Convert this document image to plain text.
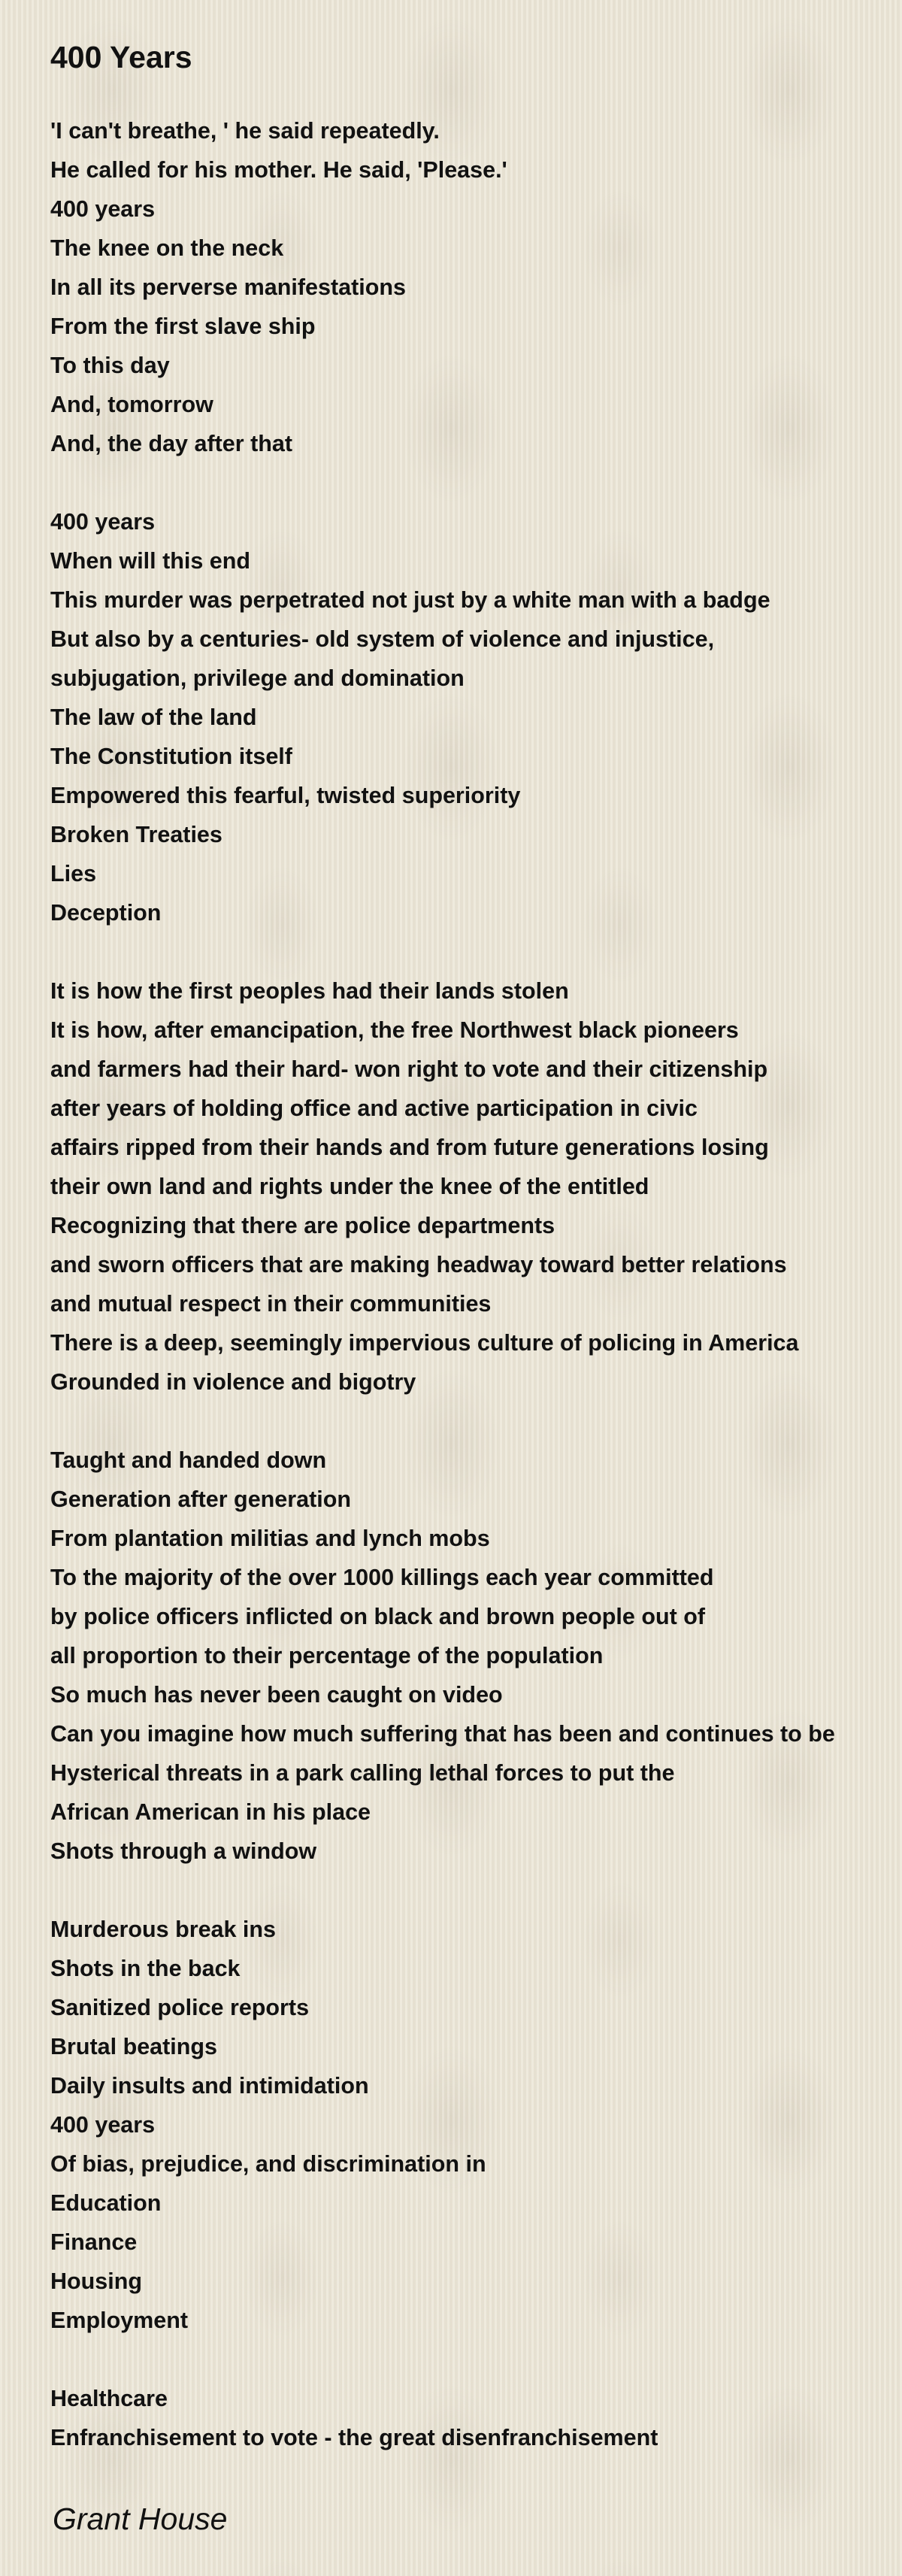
400 Years
'I can't breathe, ' he said repeatedly.
He called for his mother. He said, 'Please.'
400 years
The knee on the neck
In all its perverse manifestations
From the first slave ship
To this day
And, tomorrow
And, the day after that
400 years
When will this end
This murder was perpetrated not just by a white man with a badge
But also by a centuries- old system of violence and injustice,
subjugation, privilege and domination
The law of the land
The Constitution itself
Empowered this fearful, twisted superiority
Broken Treaties
Lies
Deception
It is how the first peoples had their lands stolen
It is how, after emancipation, the free Northwest black pioneers
and farmers had their hard- won right to vote and their citizenship
after years of holding office and active participation in civic
affairs ripped from their hands and from future generations losing
their own land and rights under the knee of the entitled
Recognizing that there are police departments
and sworn officers that are making headway toward better relations
and mutual respect in their communities
There is a deep, seemingly impervious culture of policing in America
Grounded in violence and bigotry
Taught and handed down
Generation after generation
From plantation militias and lynch mobs
To the majority of the over 1000 killings each year committed
by police officers inflicted on black and brown people out of
all proportion to their percentage of the population
So much has never been caught on video
Can you imagine how much suffering that has been and continues to be
Hysterical threats in a park calling lethal forces to put the
African American in his place
Shots through a window
Murderous break ins
Shots in the back
Sanitized police reports
Brutal beatings
Daily insults and intimidation
400 years
Of bias, prejudice, and discrimination in
Education
Finance
Housing
Employment
Healthcare
Enfranchisement to vote - the great disenfranchisement
Grant House
